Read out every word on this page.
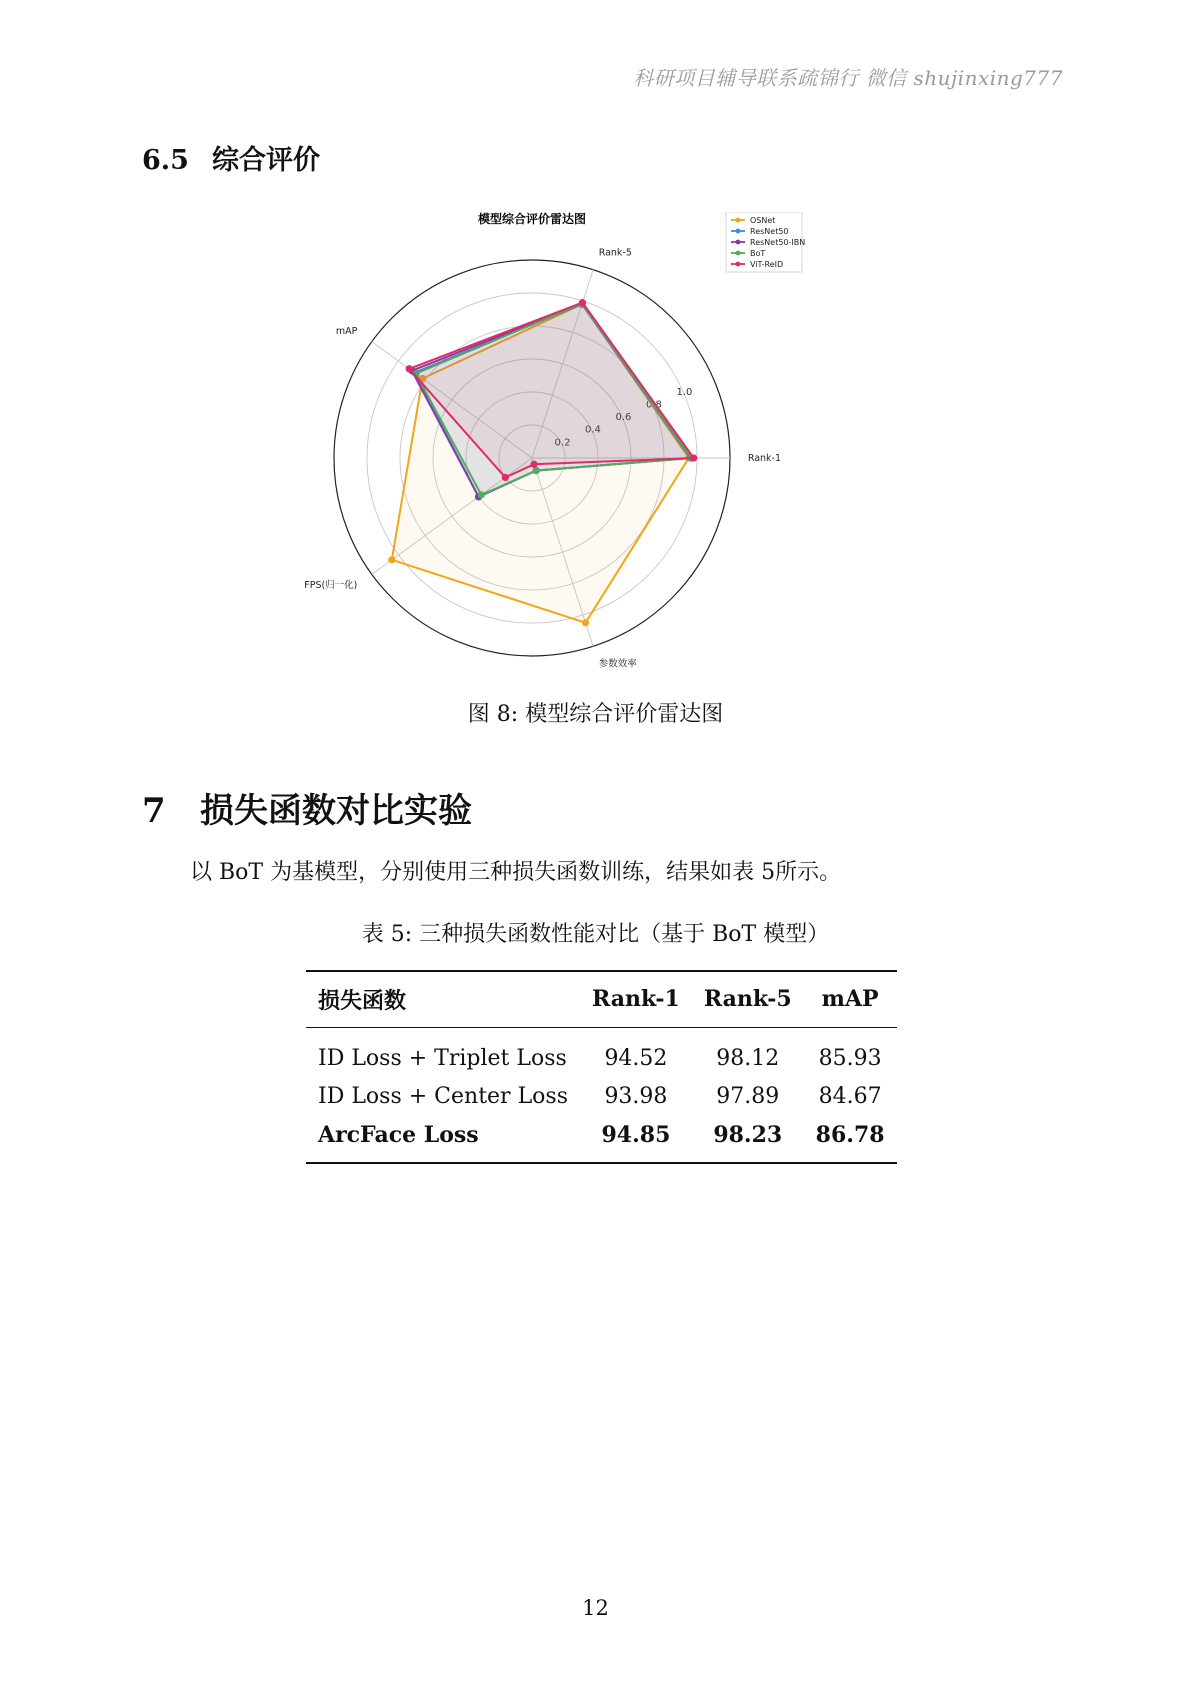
科研项目辅导联系疏锦行 微信 shujinxing777
6.5 综合评价
模型综合评价雷达图
0.2
0.4
0.6
0.8
1.0
Rank-1
Rank-5
mAP
FPS(归一化)
参数效率
OSNet
ResNet50
ResNet50-IBN
BoT
ViT-ReID
图 8: 模型综合评价雷达图
7 损失函数对比实验
以 BoT 为基模型，分别使用三种损失函数训练，结果如表 5所示。
表 5: 三种损失函数性能对比（基于 BoT 模型）
损失函数	Rank-1	Rank-5	mAP
ID Loss + Triplet Loss	94.52	98.12	85.93
ID Loss + Center Loss	93.98	97.89	84.67
ArcFace Loss	94.85	98.23	86.78
12
